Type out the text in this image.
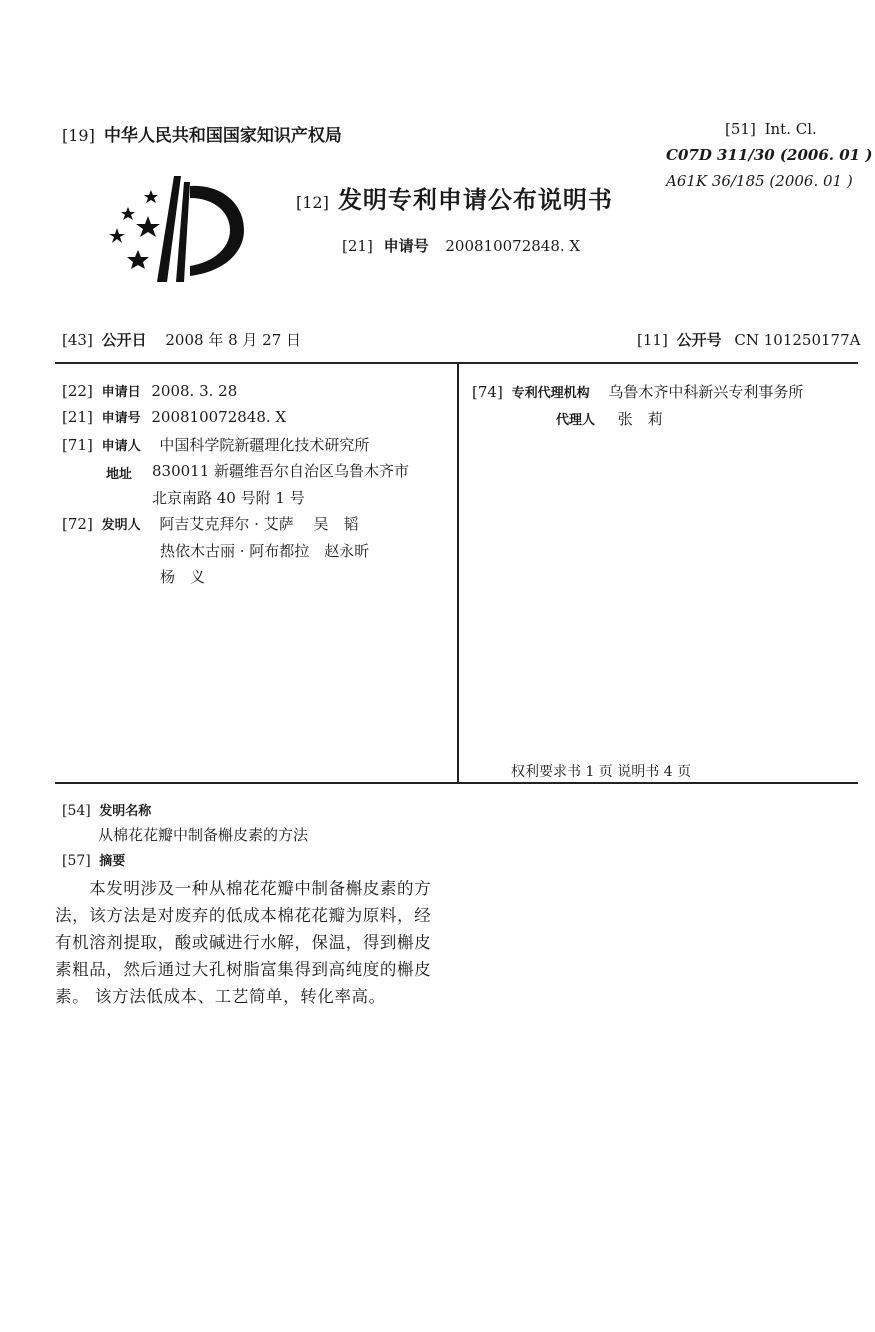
[19] 中华人民共和国国家知识产权局
[12] 发明专利申请公布说明书
[21] 申请号 200810072848. X
[51] Int. Cl.
C07D 311/30 (2006. 01 )
A61K 36/185 (2006. 01 )
[43] 公开日 2008 年 8 月 27 日	[11] 公开号 CN 101250177A
[22] 申请日 2008. 3. 28
[21] 申请号 200810072848. X
[71] 申请人 中国科学院新疆理化技术研究所
地址 830011 新疆维吾尔自治区乌鲁木齐市
北京南路 40 号附 1 号
[72] 发明人 阿吉艾克拜尔 · 艾萨　 吴　韬
热依木古丽 · 阿布都拉　赵永昕
杨　义
[74] 专利代理机构 乌鲁木齐中科新兴专利事务所
代理人 张　莉
权利要求书 1 页 说明书 4 页
[54] 发明名称
从棉花花瓣中制备槲皮素的方法
[57] 摘要
　　本发明涉及一种从棉花花瓣中制备槲皮素的方
法，该方法是对废弃的低成本棉花花瓣为原料，经
有机溶剂提取，酸或碱进行水解，保温，得到槲皮
素粗品，然后通过大孔树脂富集得到高纯度的槲皮
素。 该方法低成本、工艺简单，转化率高。
